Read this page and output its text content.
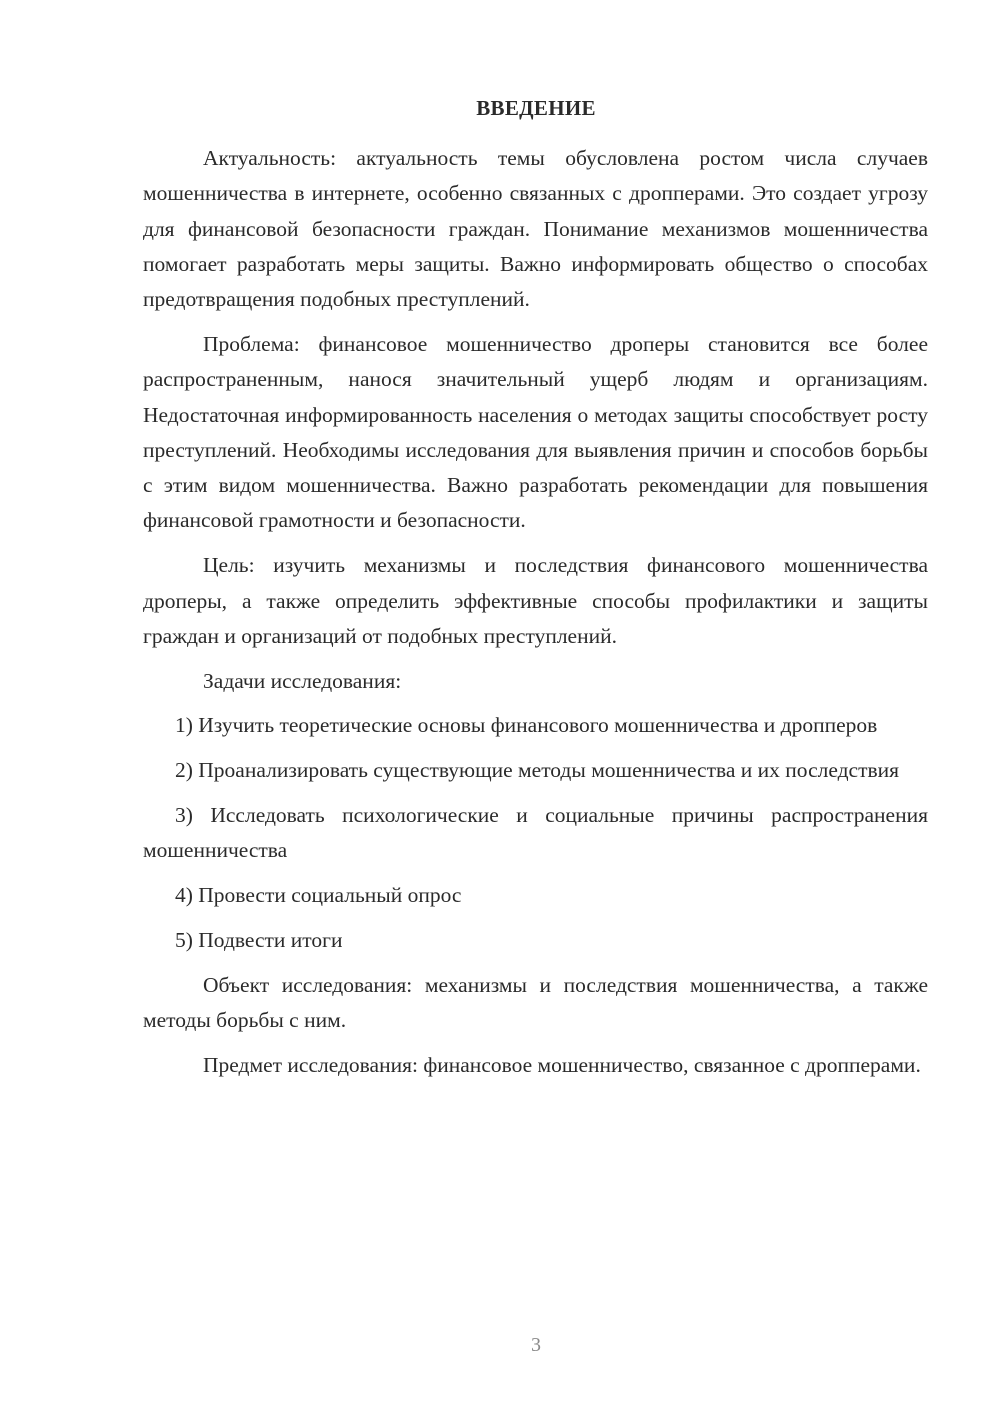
ВВЕДЕНИЕ

Актуальность: актуальность темы обусловлена ростом числа случаев мошенничества в интернете, особенно связанных с дропперами. Это создает угрозу для финансовой безопасности граждан. Понимание механизмов мошенничества помогает разработать меры защиты. Важно информировать общество о способах предотвращения подобных преступлений.

Проблема: финансовое мошенничество дроперы становится все более распространенным, нанося значительный ущерб людям и организациям. Недостаточная информированность населения о методах защиты способствует росту преступлений. Необходимы исследования для выявления причин и способов борьбы с этим видом мошенничества. Важно разработать рекомендации для повышения финансовой грамотности и безопасности.

Цель: изучить механизмы и последствия финансового мошенничества дроперы, а также определить эффективные способы профилактики и защиты граждан и организаций от подобных преступлений.

Задачи исследования:

1) Изучить теоретические основы финансового мошенничества и дропперов

2) Проанализировать существующие методы мошенничества и их последствия

3) Исследовать психологические и социальные причины распространения мошенничества

4) Провести социальный опрос

5) Подвести итоги

Объект исследования: механизмы и последствия мошенничества, а также методы борьбы с ним.

Предмет исследования: финансовое мошенничество, связанное с дропперами.

3
